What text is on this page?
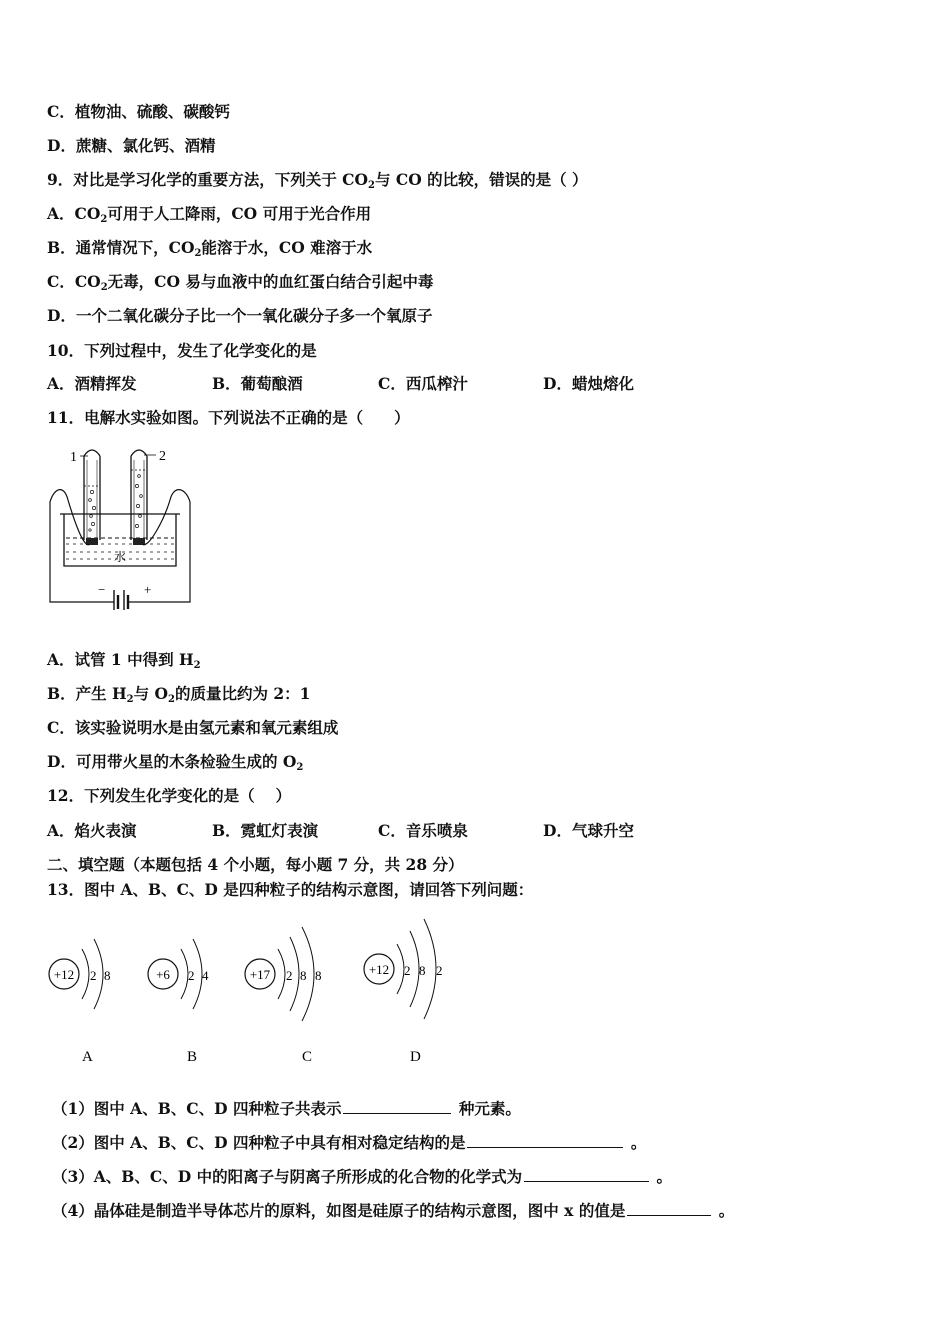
C．植物油、硫酸、碳酸钙
D．蔗糖、氯化钙、酒精
9．对比是学习化学的重要方法，下列关于 $CO_2$与 CO 的比较，错误的是（ ）
A．$CO_2$可用于人工降雨，CO 可用于光合作用
B．通常情况下，$CO_2$能溶于水，CO 难溶于水
C．$CO_2$无毒，CO 易与血液中的血红蛋白结合引起中毒
D．一个二氧化碳分子比一个一氧化碳分子多一个氧原子
10．下列过程中，发生了化学变化的是
A．酒精挥发	B．葡萄酿酒	C．西瓜榨汁	D．蜡烛熔化
11．电解水实验如图。下列说法不正确的是（　　）
1	2
水
−	+
A．试管 1 中得到 $H_2$
B．产生 $H_2$与 $O_2$的质量比约为 2：1
C．该实验说明水是由氢元素和氧元素组成
D．可用带火星的木条检验生成的 $O_2$
12．下列发生化学变化的是（　 ）
A．焰火表演	B．霓虹灯表演	C．音乐喷泉	D．气球升空
二、填空题（本题包括 4 个小题，每小题 7 分，共 28 分）
13．图中 A、B、C、D 是四种粒子的结构示意图，请回答下列问题：
+12 2 8
A
+6 2 4
B
+17 2 8 8
C
+12 2 8 2
D
（1）图中 A、B、C、D 四种粒子共表示	种元素。
（2）图中 A、B、C、D 四种粒子中具有相对稳定结构的是	。
（3）A、B、C、D 中的阳离子与阴离子所形成的化合物的化学式为	。
（4）晶体硅是制造半导体芯片的原料，如图是硅原子的结构示意图，图中 x 的值是	。
